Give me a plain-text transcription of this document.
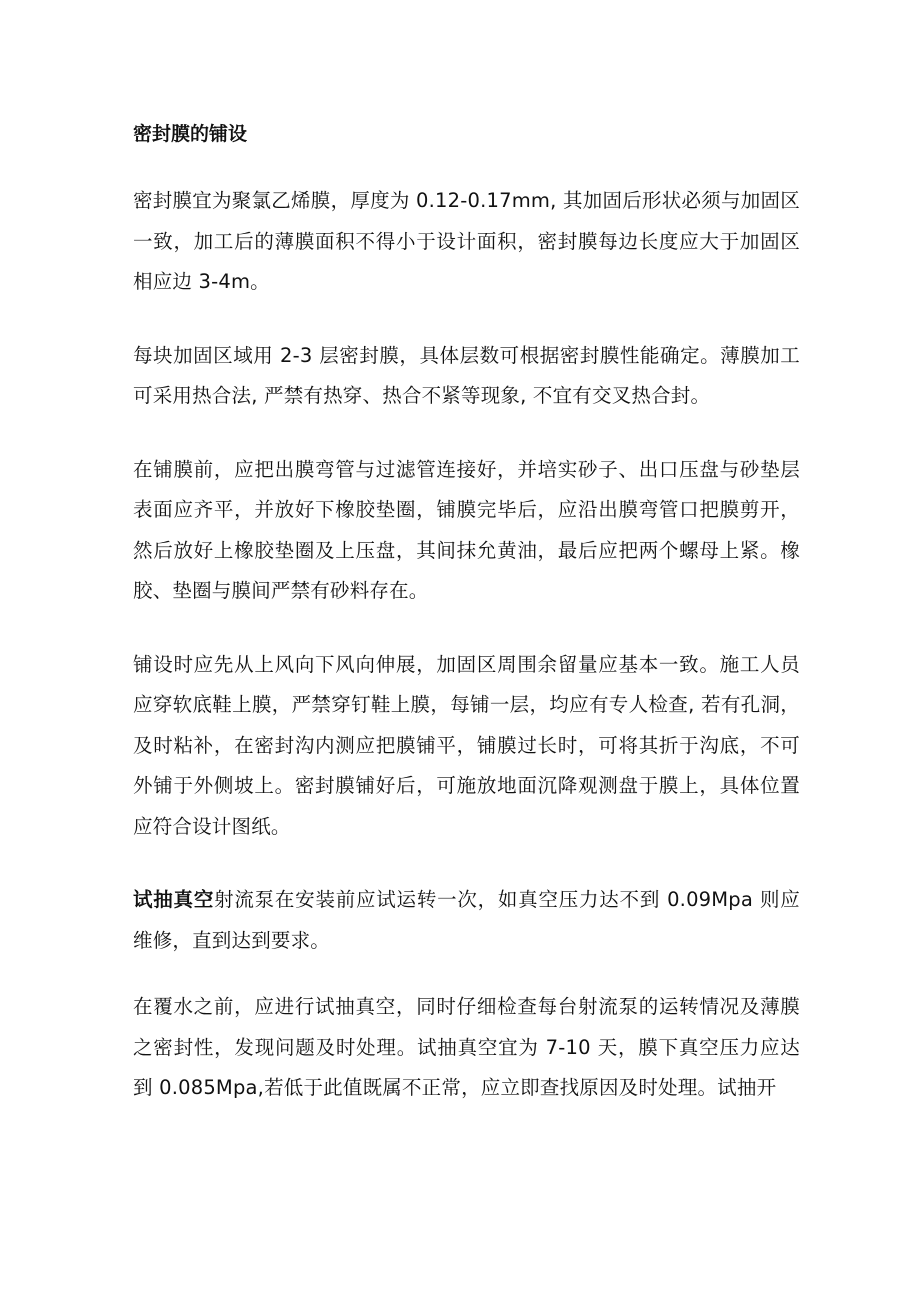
密封膜的铺设

密封膜宜为聚氯乙烯膜，厚度为 0.12-0.17mm, 其加固后形状必须与加固区一致，加工后的薄膜面积不得小于设计面积，密封膜每边长度应大于加固区相应边 3-4m。

每块加固区域用 2-3 层密封膜，具体层数可根据密封膜性能确定。薄膜加工可采用热合法, 严禁有热穿、热合不紧等现象, 不宜有交叉热合封。

在铺膜前，应把出膜弯管与过滤管连接好，并培实砂子、出口压盘与砂垫层表面应齐平，并放好下橡胶垫圈，铺膜完毕后，应沿出膜弯管口把膜剪开，然后放好上橡胶垫圈及上压盘，其间抹允黄油，最后应把两个螺母上紧。橡胶、垫圈与膜间严禁有砂料存在。

铺设时应先从上风向下风向伸展，加固区周围余留量应基本一致。施工人员应穿软底鞋上膜，严禁穿钉鞋上膜，每铺一层，均应有专人检查, 若有孔洞，及时粘补，在密封沟内测应把膜铺平，铺膜过长时，可将其折于沟底，不可外铺于外侧坡上。密封膜铺好后，可施放地面沉降观测盘于膜上，具体位置应符合设计图纸。

试抽真空射流泵在安装前应试运转一次，如真空压力达不到 0.09Mpa 则应维修，直到达到要求。

在覆水之前，应进行试抽真空，同时仔细检查每台射流泵的运转情况及薄膜之密封性，发现问题及时处理。试抽真空宜为 7-10 天，膜下真空压力应达到 0.085Mpa,若低于此值既属不正常，应立即查找原因及时处理。试抽开
